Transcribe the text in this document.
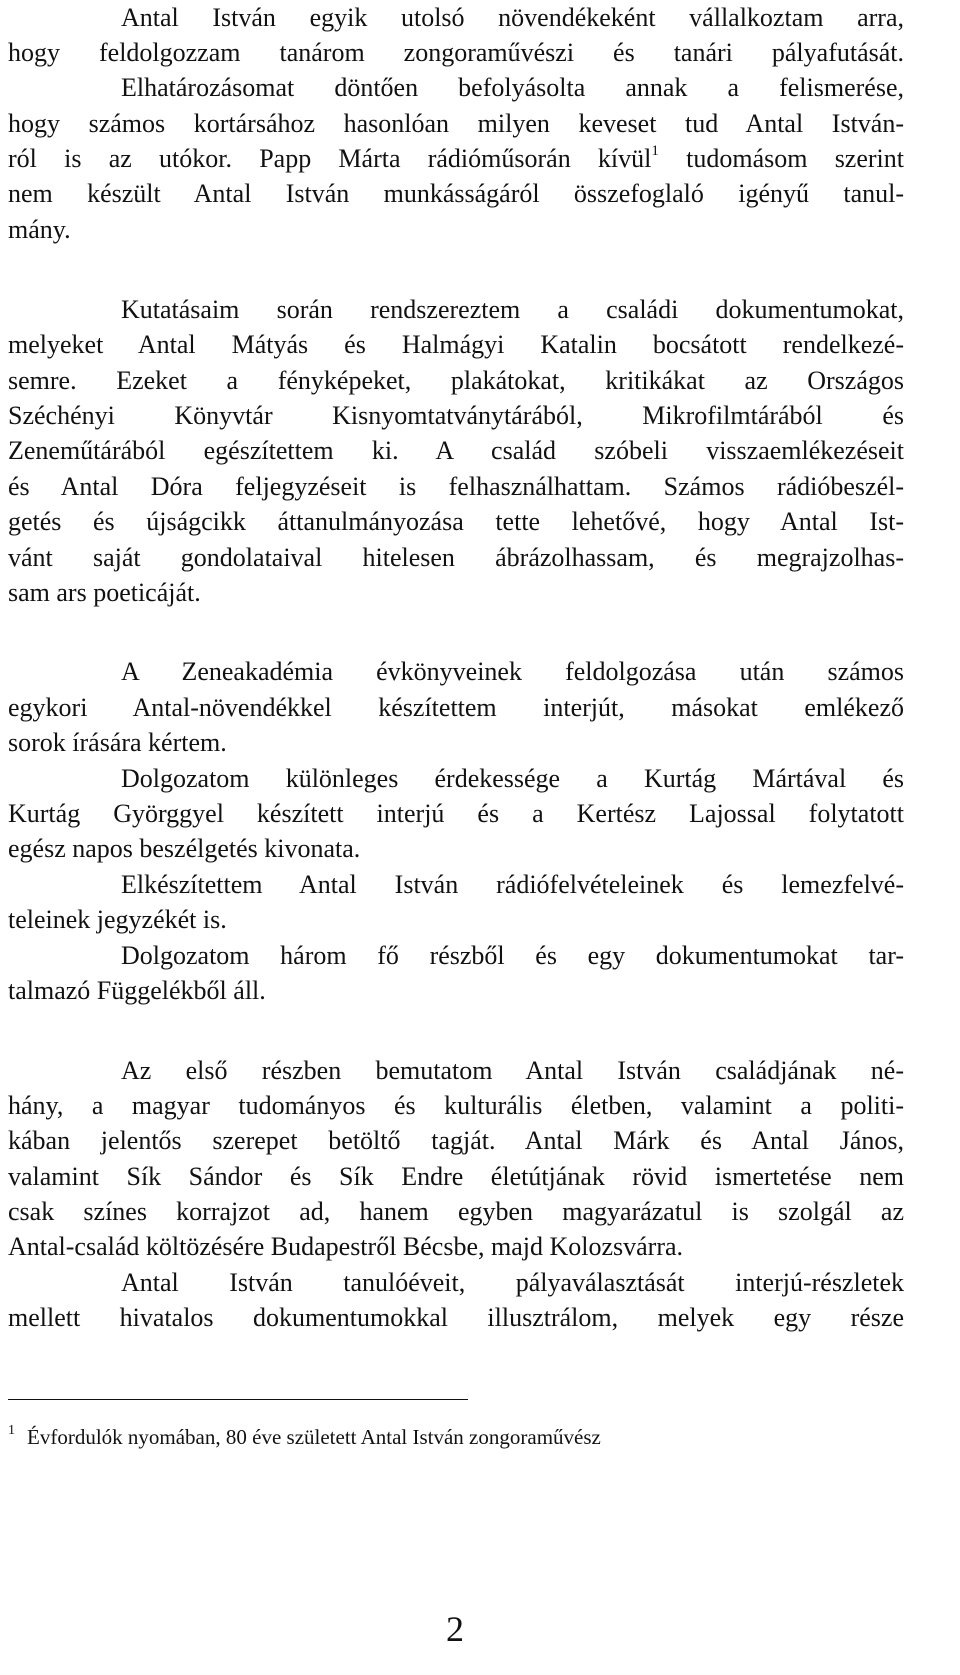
Antal István egyik utolsó növendékeként vállalkoztam arra,
hogy feldolgozzam tanárom zongoraművészi és tanári pályafutását.
Elhatározásomat döntően befolyásolta annak a felismerése,
hogy számos kortársához hasonlóan milyen keveset tud Antal István-
ról is az utókor. Papp Márta rádióműsorán kívül$^1$ tudomásom szerint
nem készült Antal István munkásságáról összefoglaló igényű tanul-
mány.
Kutatásaim során rendszereztem a családi dokumentumokat,
melyeket Antal Mátyás és Halmágyi Katalin bocsátott rendelkezé-
semre. Ezeket a fényképeket, plakátokat, kritikákat az Országos
Széchényi Könyvtár Kisnyomtatványtárából, Mikrofilmtárából és
Zeneműtárából egészítettem ki. A család szóbeli visszaemlékezéseit
és Antal Dóra feljegyzéseit is felhasználhattam. Számos rádióbeszél-
getés és újságcikk áttanulmányozása tette lehetővé, hogy Antal Ist-
vánt saját gondolataival hitelesen ábrázolhassam, és megrajzolhas-
sam ars poeticáját.
A Zeneakadémia évkönyveinek feldolgozása után számos
egykori Antal-növendékkel készítettem interjút, másokat emlékező
sorok írására kértem.
Dolgozatom különleges érdekessége a Kurtág Mártával és
Kurtág Györggyel készített interjú és a Kertész Lajossal folytatott
egész napos beszélgetés kivonata.
Elkészítettem Antal István rádiófelvételeinek és lemezfelvé-
teleinek jegyzékét is.
Dolgozatom három fő részből és egy dokumentumokat tar-
talmazó Függelékből áll.
Az első részben bemutatom Antal István családjának né-
hány, a magyar tudományos és kulturális életben, valamint a politi-
kában jelentős szerepet betöltő tagját. Antal Márk és Antal János,
valamint Sík Sándor és Sík Endre életútjának rövid ismertetése nem
csak színes korrajzot ad, hanem egyben magyarázatul is szolgál az
Antal-család költözésére Budapestről Bécsbe, majd Kolozsvárra.
Antal István tanulóéveit, pályaválasztását interjú-részletek
mellett hivatalos dokumentumokkal illusztrálom, melyek egy része
$^1$ Évfordulók nyomában, 80 éve született Antal István zongoraművész
2
